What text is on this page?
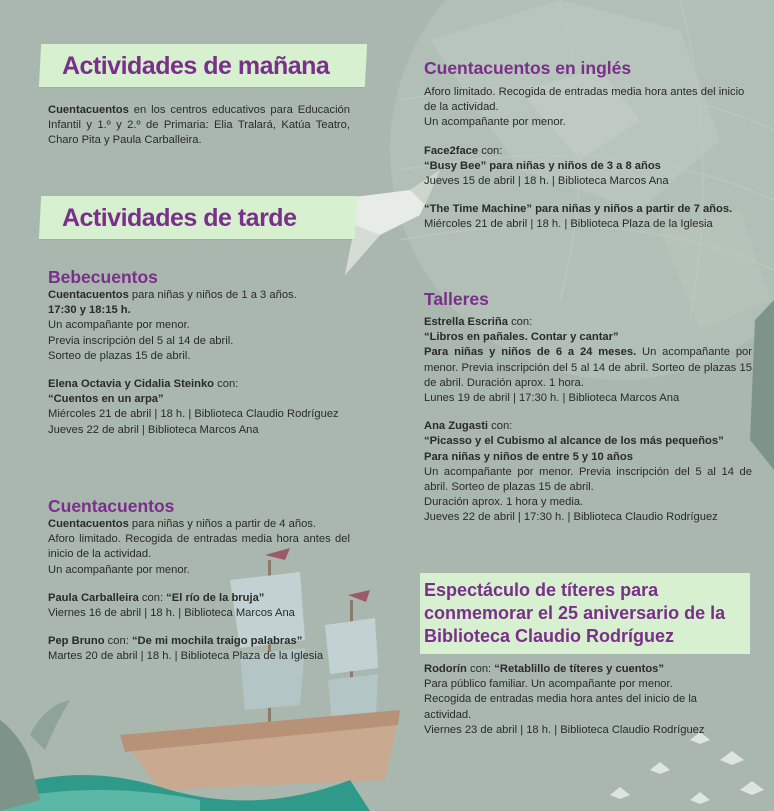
Actividades de mañana

Cuentacuentos en los centros educativos para Educación Infantil y 1.º y 2.º de Primaria: Elia Tralará, Katúa Teatro, Charo Pita y Paula Carballeira.

Actividades de tarde
Bebecuentos

Cuentacuentos para niñas y niños de 1 a 3 años.

17:30 y 18:15 h.

Un acompañante por menor.

Previa inscripción del 5 al 14 de abril.

Sorteo de plazas 15 de abril.

Elena Octavia y Cidalia Steinko con:

“Cuentos en un arpa”

Miércoles 21 de abril | 18 h. | Biblioteca Claudio Rodríguez

Jueves 22 de abril | Biblioteca Marcos Ana

Cuentacuentos

Cuentacuentos para niñas y niños a partir de 4 años.

Aforo limitado. Recogida de entradas media hora antes del inicio de la actividad.

Un acompañante por menor.

Paula Carballeira con: “El río de la bruja”

Viernes 16 de abril | 18 h. | Biblioteca Marcos Ana

Pep Bruno con: “De mi mochila traigo palabras”

Martes 20 de abril | 18 h. | Biblioteca Plaza de la Iglesia

Cuentacuentos en inglés

Aforo limitado. Recogida de entradas media hora antes del inicio de la actividad.

Un acompañante por menor.

Face2face con:

“Busy Bee” para niñas y niños de 3 a 8 años

Jueves 15 de abril | 18 h. | Biblioteca Marcos Ana

“The Time Machine” para niñas y niños a partir de 7 años.

Miércoles 21 de abril | 18 h. | Biblioteca Plaza de la Iglesia

Talleres

Estrella Escriña con:

“Libros en pañales. Contar y cantar”

Para niñas y niños de 6 a 24 meses. Un acompañante por menor. Previa inscripción del 5 al 14 de abril. Sorteo de plazas 15 de abril. Duración aprox. 1 hora.

Lunes 19 de abril | 17:30 h. | Biblioteca Marcos Ana

Ana Zugasti con:

“Picasso y el Cubismo al alcance de los más pequeños”

Para niñas y niños de entre 5 y 10 años

Un acompañante por menor. Previa inscripción del 5 al 14 de abril. Sorteo de plazas 15 de abril.

Duración aprox. 1 hora y media.

Jueves 22 de abril | 17:30 h. | Biblioteca Claudio Rodríguez

Espectáculo de títeres para conmemorar el 25 aniversario de la Biblioteca Claudio Rodríguez

Rodorín con: “Retablillo de títeres y cuentos”

Para público familiar. Un acompañante por menor.

Recogida de entradas media hora antes del inicio de la actividad.

Viernes 23 de abril | 18 h. | Biblioteca Claudio Rodríguez
